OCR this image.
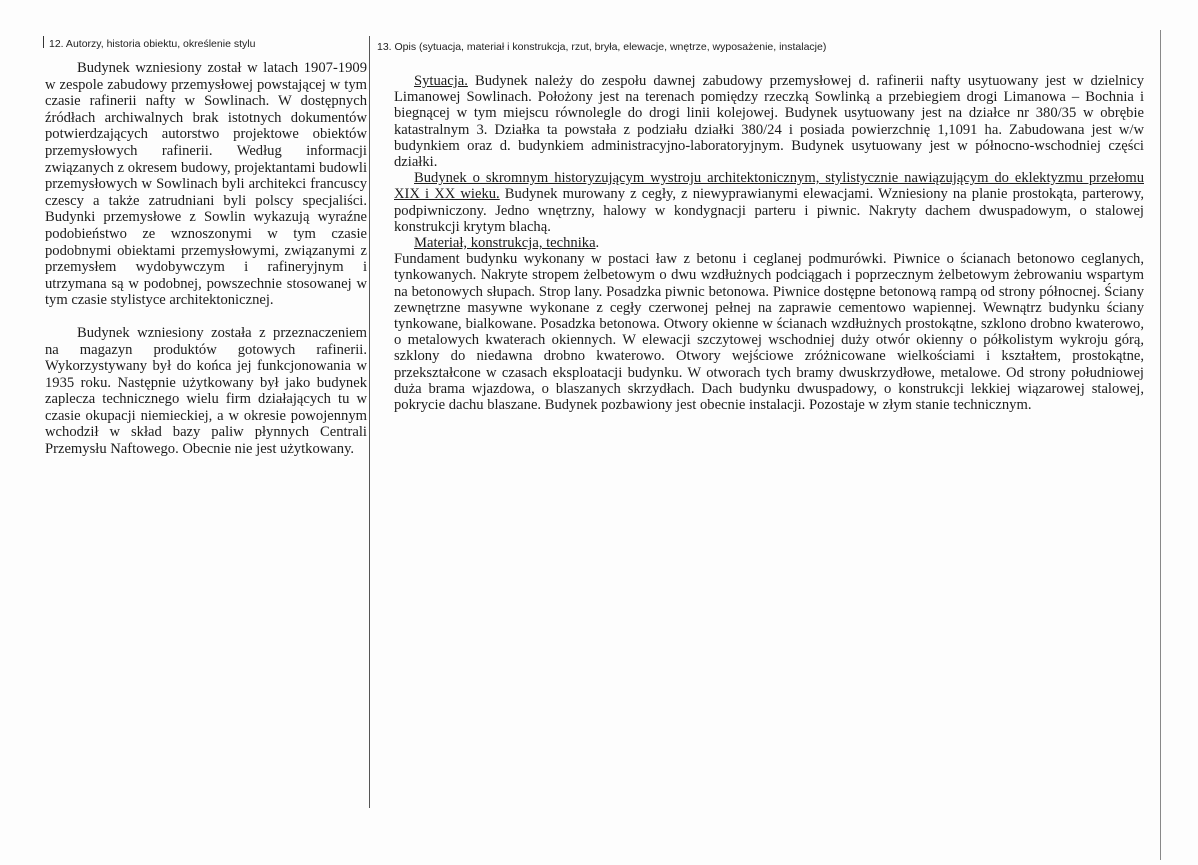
12. Autorzy, historia obiektu, określenie stylu	13. Opis (sytuacja, materiał i konstrukcja, rzut, bryła, elewacje, wnętrze, wyposażenie, instalacje)

Budynek wzniesiony został w latach 1907-1909 w zespole zabudowy przemysłowej powstającej w tym czasie rafinerii nafty w Sowlinach. W dostępnych źródłach archiwalnych brak istotnych dokumentów potwierdzających autorstwo projektowe obiektów przemysłowych rafinerii. Według informacji związanych z okresem budowy, projektantami budowli przemysłowych w Sowlinach byli architekci francuscy czescy a także zatrudniani byli polscy specjaliści. Budynki przemysłowe z Sowlin wykazują wyraźne podobieństwo ze wznoszonymi w tym czasie podobnymi obiektami przemysłowymi, związanymi z przemysłem wydobywczym i rafineryjnym i utrzymana są w podobnej, powszechnie stosowanej w tym czasie stylistyce architektonicznej.

Budynek wzniesiony została z przeznaczeniem na magazyn produktów gotowych rafinerii. Wykorzystywany był do końca jej funkcjonowania w 1935 roku. Następnie użytkowany był jako budynek zaplecza technicznego wielu firm działających tu w czasie okupacji niemieckiej, a w okresie powojennym wchodził w skład bazy paliw płynnych Centrali Przemysłu Naftowego. Obecnie nie jest użytkowany.

Sytuacja. Budynek należy do zespołu dawnej zabudowy przemysłowej d. rafinerii nafty usytuowany jest w dzielnicy Limanowej Sowlinach. Położony jest na terenach pomiędzy rzeczką Sowlinką a przebiegiem drogi Limanowa – Bochnia i biegnącej w tym miejscu równolegle do drogi linii kolejowej. Budynek usytuowany jest na działce nr 380/35 w obrębie katastralnym 3. Działka ta powstała z podziału działki 380/24 i posiada powierzchnię 1,1091 ha. Zabudowana jest w/w budynkiem oraz d. budynkiem administracyjno-laboratoryjnym. Budynek usytuowany jest w północno-wschodniej części działki.

Budynek o skromnym historyzującym wystroju architektonicznym, stylistycznie nawiązującym do eklektyzmu przełomu XIX i XX wieku. Budynek murowany z cegły, z niewyprawianymi elewacjami. Wzniesiony na planie prostokąta, parterowy, podpiwniczony. Jedno wnętrzny, halowy w kondygnacji parteru i piwnic. Nakryty dachem dwuspadowym, o stalowej konstrukcji krytym blachą.

Materiał, konstrukcja, technika.

Fundament budynku wykonany w postaci ław z betonu i ceglanej podmurówki. Piwnice o ścianach betonowo ceglanych, tynkowanych. Nakryte stropem żelbetowym o dwu wzdłużnych podciągach i poprzecznym żelbetowym żebrowaniu wspartym na betonowych słupach. Strop lany. Posadzka piwnic betonowa. Piwnice dostępne betonową rampą od strony północnej. Ściany zewnętrzne masywne wykonane z cegły czerwonej pełnej na zaprawie cementowo wapiennej. Wewnątrz budynku ściany tynkowane, bialkowane. Posadzka betonowa. Otwory okienne w ścianach wzdłużnych prostokątne, szklono drobno kwaterowo, o metalowych kwaterach okiennych. W elewacji szczytowej wschodniej duży otwór okienny o półkolistym wykroju górą, szklony do niedawna drobno kwaterowo. Otwory wejściowe zróżnicowane wielkościami i kształtem, prostokątne, przekształcone w czasach eksploatacji budynku. W otworach tych bramy dwuskrzydłowe, metalowe. Od strony południowej duża brama wjazdowa, o blaszanych skrzydłach. Dach budynku dwuspadowy, o konstrukcji lekkiej wiązarowej stalowej, pokrycie dachu blaszane. Budynek pozbawiony jest obecnie instalacji. Pozostaje w złym stanie technicznym.
